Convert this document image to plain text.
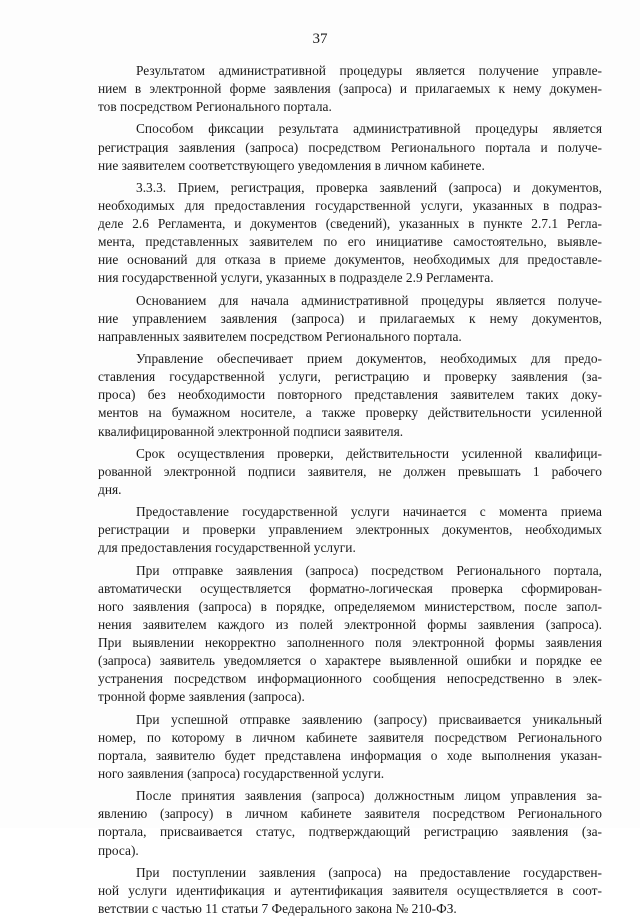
37
Результатом административной процедуры является получение управле-
нием в электронной форме заявления (запроса) и прилагаемых к нему докумен-
тов посредством Регионального портала.
Способом фиксации результата административной процедуры является
регистрация заявления (запроса) посредством Регионального портала и получе-
ние заявителем соответствующего уведомления в личном кабинете.
3.3.3. Прием, регистрация, проверка заявлений (запроса) и документов,
необходимых для предоставления государственной услуги, указанных в подраз-
деле 2.6 Регламента, и документов (сведений), указанных в пункте 2.7.1 Регла-
мента, представленных заявителем по его инициативе самостоятельно, выявле-
ние оснований для отказа в приеме документов, необходимых для предоставле-
ния государственной услуги, указанных в подразделе 2.9 Регламента.
Основанием для начала административной процедуры является получе-
ние управлением заявления (запроса) и прилагаемых к нему документов,
направленных заявителем посредством Регионального портала.
Управление обеспечивает прием документов, необходимых для предо-
ставления государственной услуги, регистрацию и проверку заявления (за-
проса) без необходимости повторного представления заявителем таких доку-
ментов на бумажном носителе, а также проверку действительности усиленной
квалифицированной электронной подписи заявителя.
Срок осуществления проверки, действительности усиленной квалифици-
рованной электронной подписи заявителя, не должен превышать 1 рабочего
дня.
Предоставление государственной услуги начинается с момента приема
регистрации и проверки управлением электронных документов, необходимых
для предоставления государственной услуги.
При отправке заявления (запроса) посредством Регионального портала,
автоматически осуществляется форматно-логическая проверка сформирован-
ного заявления (запроса) в порядке, определяемом министерством, после запол-
нения заявителем каждого из полей электронной формы заявления (запроса).
При выявлении некорректно заполненного поля электронной формы заявления
(запроса) заявитель уведомляется о характере выявленной ошибки и порядке ее
устранения посредством информационного сообщения непосредственно в элек-
тронной форме заявления (запроса).
При успешной отправке заявлению (запросу) присваивается уникальный
номер, по которому в личном кабинете заявителя посредством Регионального
портала, заявителю будет представлена информация о ходе выполнения указан-
ного заявления (запроса) государственной услуги.
После принятия заявления (запроса) должностным лицом управления за-
явлению (запросу) в личном кабинете заявителя посредством Регионального
портала, присваивается статус, подтверждающий регистрацию заявления (за-
проса).
При поступлении заявления (запроса) на предоставление государствен-
ной услуги идентификация и аутентификация заявителя осуществляется в соот-
ветствии с частью 11 статьи 7 Федерального закона № 210-ФЗ.
